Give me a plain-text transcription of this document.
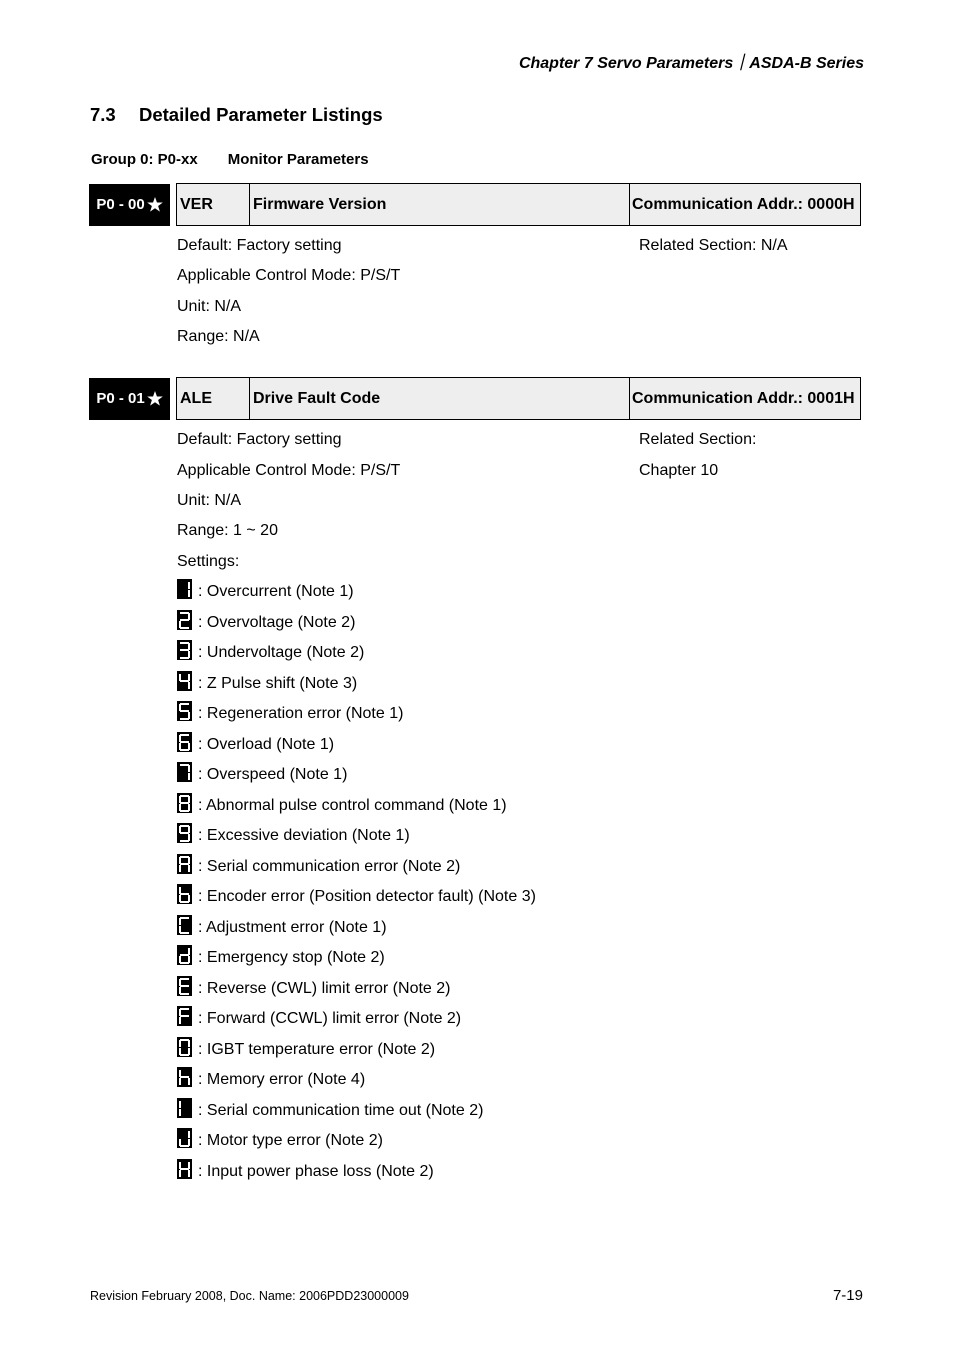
Chapter 7 Servo Parameters｜ASDA-B Series
7.3 Detailed Parameter Listings
Group 0: P0-xx Monitor Parameters
P0 - 00 VER	Firmware Version	Communication Addr.: 0000H
Default: Factory setting	Related Section: N/A
Applicable Control Mode: P/S/T
Unit: N/A
Range: N/A
P0 - 01 ALE	Drive Fault Code	Communication Addr.: 0001H
Default: Factory setting	Related Section:
Applicable Control Mode: P/S/T	Chapter 10
Unit: N/A
Range: 1 ~ 20
Settings:
: Overcurrent (Note 1)
: Overvoltage (Note 2)
: Undervoltage (Note 2)
: Z Pulse shift (Note 3)
: Regeneration error (Note 1)
: Overload (Note 1)
: Overspeed (Note 1)
: Abnormal pulse control command (Note 1)
: Excessive deviation (Note 1)
: Serial communication error (Note 2)
: Encoder error (Position detector fault) (Note 3)
: Adjustment error (Note 1)
: Emergency stop (Note 2)
: Reverse (CWL) limit error (Note 2)
: Forward (CCWL) limit error (Note 2)
: IGBT temperature error (Note 2)
: Memory error (Note 4)
: Serial communication time out (Note 2)
: Motor type error (Note 2)
: Input power phase loss (Note 2)
Revision February 2008, Doc. Name: 2006PDD23000009	7-19
